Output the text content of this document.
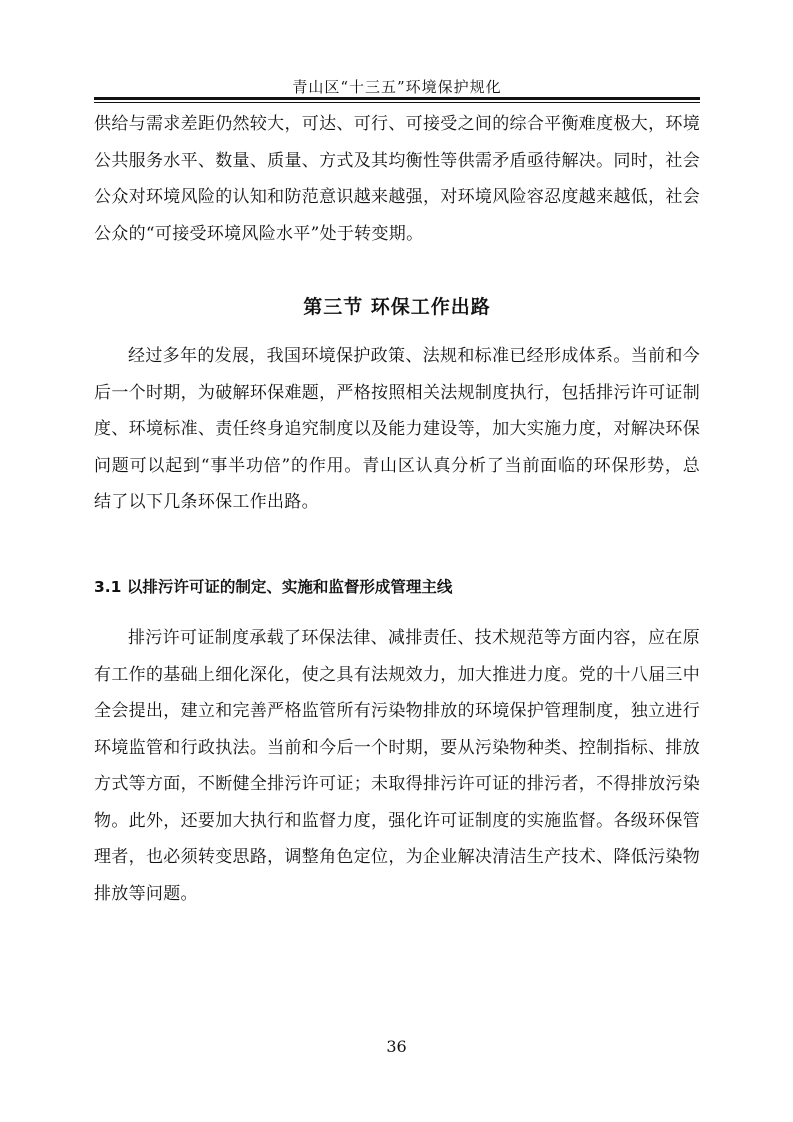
青山区“十三五”环境保护规化

供给与需求差距仍然较大，可达、可行、可接受之间的综合平衡难度极大，环境公共服务水平、数量、质量、方式及其均衡性等供需矛盾亟待解决。同时，社会公众对环境风险的认知和防范意识越来越强，对环境风险容忍度越来越低，社会公众的“可接受环境风险水平”处于转变期。

第三节 环保工作出路

经过多年的发展，我国环境保护政策、法规和标准已经形成体系。当前和今后一个时期，为破解环保难题，严格按照相关法规制度执行，包括排污许可证制度、环境标准、责任终身追究制度以及能力建设等，加大实施力度，对解决环保问题可以起到“事半功倍”的作用。青山区认真分析了当前面临的环保形势，总结了以下几条环保工作出路。

3.1 以排污许可证的制定、实施和监督形成管理主线

排污许可证制度承载了环保法律、减排责任、技术规范等方面内容，应在原有工作的基础上细化深化，使之具有法规效力，加大推进力度。党的十八届三中全会提出，建立和完善严格监管所有污染物排放的环境保护管理制度，独立进行环境监管和行政执法。当前和今后一个时期，要从污染物种类、控制指标、排放方式等方面，不断健全排污许可证；未取得排污许可证的排污者，不得排放污染物。此外，还要加大执行和监督力度，强化许可证制度的实施监督。各级环保管理者，也必须转变思路，调整角色定位，为企业解决清洁生产技术、降低污染物排放等问题。

36
